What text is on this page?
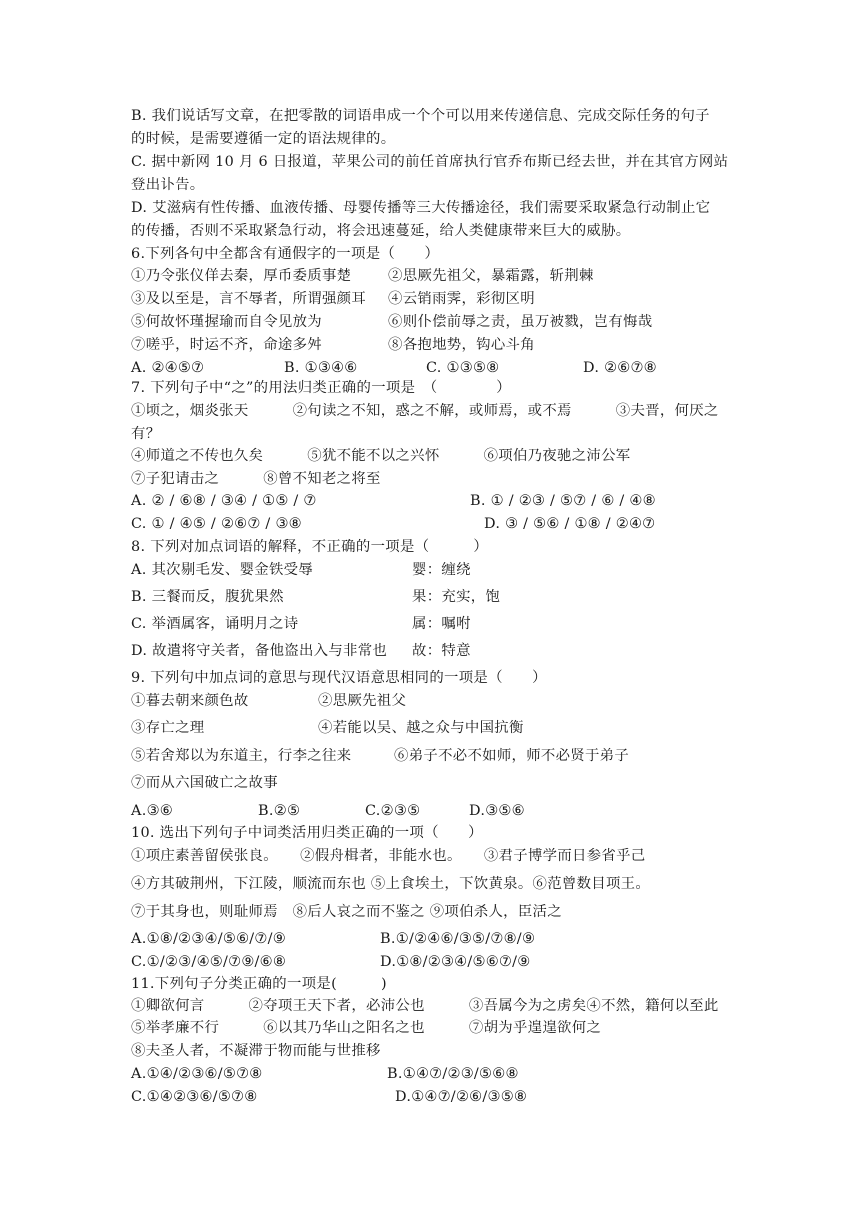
B. 我们说话写文章，在把零散的词语串成一个个可以用来传递信息、完成交际任务的句子
的时候，是需要遵循一定的语法规律的。
C. 据中新网 10 月 6 日报道，苹果公司的前任首席执行官乔布斯已经去世，并在其官方网站
登出讣告。
D. 艾滋病有性传播、血液传播、母婴传播等三大传播途径，我们需要采取紧急行动制止它
的传播，否则不采取紧急行动，将会迅速蔓延，给人类健康带来巨大的威胁。
6.下列各句中全都含有通假字的一项是（　　）
①乃令张仪佯去秦，厚币委质事楚	②思厥先祖父，暴霜露，斩荆棘
③及以至是，言不辱者，所谓强颜耳 ④云销雨霁，彩彻区明
⑤何故怀瑾握瑜而自令见放为	⑥则仆偿前辱之责，虽万被戮，岂有悔哉
⑦嗟乎，时运不齐，命途多舛	⑧各抱地势，钩心斗角
A. ②④⑤⑦	B. ①③④⑥	C. ①③⑤⑧	D. ②⑥⑦⑧
7. 下列句子中“之”的用法归类正确的一项是　（　　　　）
①顷之，烟炎张天　　　②句读之不知，惑之不解，或师焉，或不焉　　　③夫晋，何厌之
有？
④师道之不传也久矣　　　⑤犹不能不以之兴怀　　　⑥项伯乃夜驰之沛公军
⑦子犯请击之　　　⑧曾不知老之将至
A. ② / ⑥⑧ / ③④ / ①⑤ / ⑦	B. ① / ②③ / ⑤⑦ / ⑥ / ④⑧
C. ① / ④⑤ / ②⑥⑦ / ③⑧	D. ③ / ⑤⑥ / ①⑧ / ②④⑦
8. 下列对加点词语的解释，不正确的一项是（　　　）
A. 其次剔毛发、婴金铁受辱	婴：缠绕
B. 三餐而反，腹犹果然	果：充实，饱
C. 举酒属客，诵明月之诗	属：嘱咐
D. 故遣将守关者，备他盗出入与非常也 故：特意
9. 下列句中加点词的意思与现代汉语意思相同的一项是（　　）
①暮去朝来颜色故	②思厥先祖父
③存亡之理	④若能以吴、越之众与中国抗衡
⑤若舍郑以为东道主，行李之往来	⑥弟子不必不如师，师不必贤于弟子
⑦而从六国破亡之故事
A.③⑥	B.②⑤	C.②③⑤	D.③⑤⑥
10. 选出下列句子中词类活用归类正确的一项（　　）
①项庄素善留侯张良。　　②假舟楫者，非能水也。　　③君子博学而日参省乎己
④方其破荆州，下江陵，顺流而东也 ⑤上食埃土，下饮黄泉。⑥范曾数目项王。
⑦于其身也，则耻师焉　⑧后人哀之而不鉴之 ⑨项伯杀人，臣活之
A.①⑧/②③④/⑤⑥/⑦/⑨	B.①/②④⑥/③⑤/⑦⑧/⑨
C.①/②③/④⑤/⑦⑨/⑥⑧	D.①⑧/②③④/⑤⑥⑦/⑨
11.下列句子分类正确的一项是(　　　)
①卿欲何言　　　②夺项王天下者，必沛公也　　　③吾属今为之虏矣④不然，籍何以至此
⑤举孝廉不行　　　⑥以其乃华山之阳名之也　　　⑦胡为乎遑遑欲何之
⑧夫圣人者，不凝滞于物而能与世推移
A.①④/②③⑥/⑤⑦⑧	B.①④⑦/②③/⑤⑥⑧
C.①④②③⑥/⑤⑦⑧	D.①④⑦/②⑥/③⑤⑧
